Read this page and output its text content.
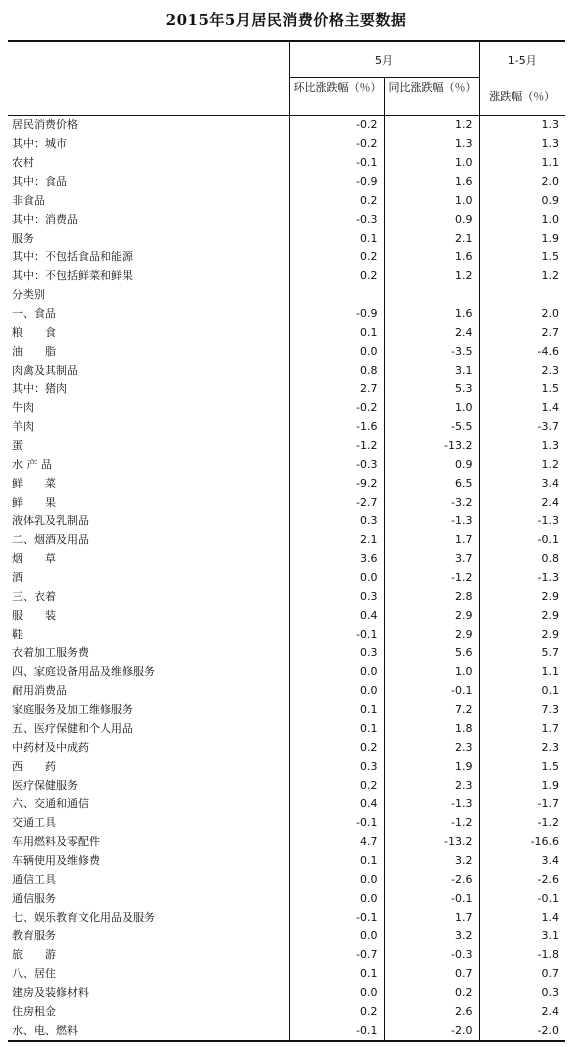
2015年5月居民消费价格主要数据
	5月		1-5月
	环比涨跌幅（％）	同比涨跌幅（％）	涨跌幅（％）
居民消费价格	-0.2	1.2	1.3
其中：城市	-0.2	1.3	1.3
农村	-0.1	1.0	1.1
其中：食品	-0.9	1.6	2.0
非食品	0.2	1.0	0.9
其中：消费品	-0.3	0.9	1.0
服务	0.1	2.1	1.9
其中：不包括食品和能源	0.2	1.6	1.5
其中：不包括鲜菜和鲜果	0.2	1.2	1.2
分类别			
一、食品	-0.9	1.6	2.0
粮　　食	0.1	2.4	2.7
油　　脂	0.0	-3.5	-4.6
肉禽及其制品	0.8	3.1	2.3
其中：猪肉	2.7	5.3	1.5
牛肉	-0.2	1.0	1.4
羊肉	-1.6	-5.5	-3.7
蛋	-1.2	-13.2	1.3
水 产 品	-0.3	0.9	1.2
鲜　　菜	-9.2	6.5	3.4
鲜　　果	-2.7	-3.2	2.4
液体乳及乳制品	0.3	-1.3	-1.3
二、烟酒及用品	2.1	1.7	-0.1
烟　　草	3.6	3.7	0.8
酒	0.0	-1.2	-1.3
三、衣着	0.3	2.8	2.9
服　　装	0.4	2.9	2.9
鞋	-0.1	2.9	2.9
衣着加工服务费	0.3	5.6	5.7
四、家庭设备用品及维修服务	0.0	1.0	1.1
耐用消费品	0.0	-0.1	0.1
家庭服务及加工维修服务	0.1	7.2	7.3
五、医疗保健和个人用品	0.1	1.8	1.7
中药材及中成药	0.2	2.3	2.3
西　　药	0.3	1.9	1.5
医疗保健服务	0.2	2.3	1.9
六、交通和通信	0.4	-1.3	-1.7
交通工具	-0.1	-1.2	-1.2
车用燃料及零配件	4.7	-13.2	-16.6
车辆使用及维修费	0.1	3.2	3.4
通信工具	0.0	-2.6	-2.6
通信服务	0.0	-0.1	-0.1
七、娱乐教育文化用品及服务	-0.1	1.7	1.4
教育服务	0.0	3.2	3.1
旅　　游	-0.7	-0.3	-1.8
八、居住	0.1	0.7	0.7
建房及装修材料	0.0	0.2	0.3
住房租金	0.2	2.6	2.4
水、电、燃料	-0.1	-2.0	-2.0
